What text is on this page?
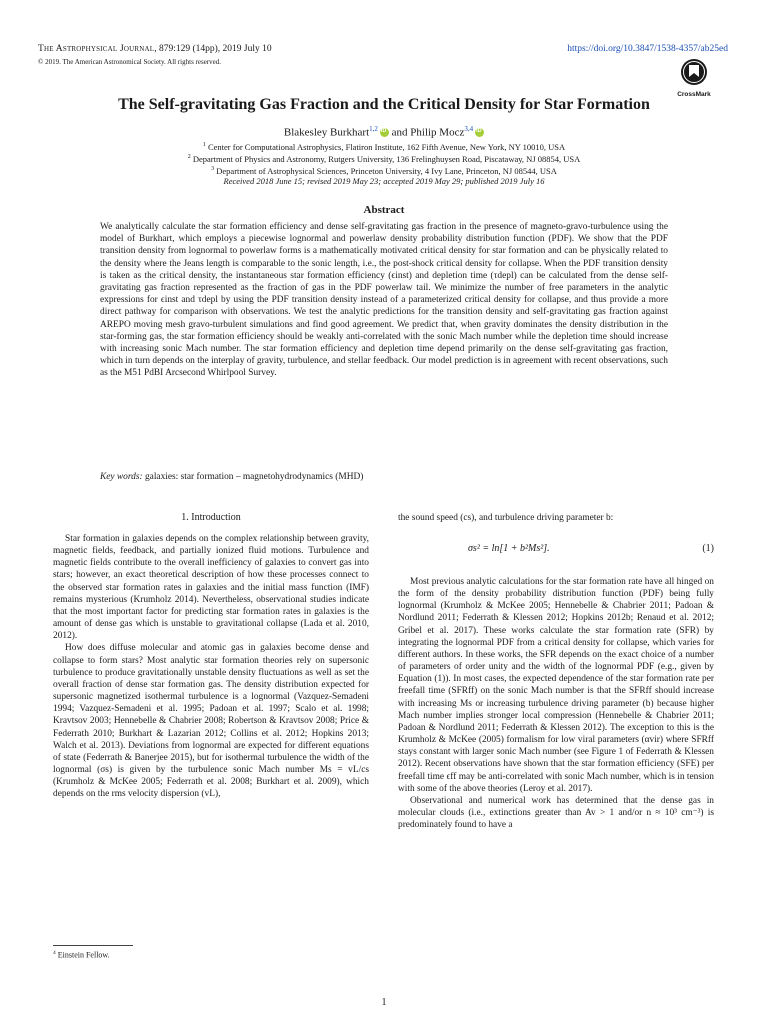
The Astrophysical Journal, 879:129 (14pp), 2019 July 10
© 2019. The American Astronomical Society. All rights reserved.
https://doi.org/10.3847/1538-4357/ab25ed
CrossMark
The Self-gravitating Gas Fraction and the Critical Density for Star Formation
Blakesley Burkhart$^{1,2}$iD and Philip Mocz$^{3,4}$iD
$^1$ Center for Computational Astrophysics, Flatiron Institute, 162 Fifth Avenue, New York, NY 10010, USA
$^2$ Department of Physics and Astronomy, Rutgers University, 136 Frelinghuysen Road, Piscataway, NJ 08854, USA
$^3$ Department of Astrophysical Sciences, Princeton University, 4 Ivy Lane, Princeton, NJ 08544, USA
Received 2018 June 15; revised 2019 May 23; accepted 2019 May 29; published 2019 July 16
Abstract

We analytically calculate the star formation efficiency and dense self-gravitating gas fraction in the presence of magneto-gravo-turbulence using the model of Burkhart, which employs a piecewise lognormal and powerlaw density probability distribution function (PDF). We show that the PDF transition density from lognormal to powerlaw forms is a mathematically motivated critical density for star formation and can be physically related to the density where the Jeans length is comparable to the sonic length, i.e., the post-shock critical density for collapse. When the PDF transition density is taken as the critical density, the instantaneous star formation efficiency (ϵinst) and depletion time (τdepl) can be calculated from the dense self-gravitating gas fraction represented as the fraction of gas in the PDF powerlaw tail. We minimize the number of free parameters in the analytic expressions for ϵinst and τdepl by using the PDF transition density instead of a parameterized critical density for collapse, and thus provide a more direct pathway for comparison with observations. We test the analytic predictions for the transition density and self-gravitating gas fraction against AREPO moving mesh gravo-turbulent simulations and find good agreement. We predict that, when gravity dominates the density distribution in the star-forming gas, the star formation efficiency should be weakly anti-correlated with the sonic Mach number while the depletion time should increase with increasing sonic Mach number. The star formation efficiency and depletion time depend primarily on the dense self-gravitating gas fraction, which in turn depends on the interplay of gravity, turbulence, and stellar feedback. Our model prediction is in agreement with recent observations, such as the M51 PdBI Arcsecond Whirlpool Survey.

Key words: galaxies: star formation – magnetohydrodynamics (MHD)
1. Introduction

Star formation in galaxies depends on the complex relationship between gravity, magnetic fields, feedback, and partially ionized fluid motions. Turbulence and magnetic fields contribute to the overall inefficiency of galaxies to convert gas into stars; however, an exact theoretical description of how these processes connect to the observed star formation rates in galaxies and the initial mass function (IMF) remains mysterious (Krumholz 2014). Nevertheless, observational studies indicate that the most important factor for predicting star formation rates in galaxies is the amount of dense gas which is unstable to gravitational collapse (Lada et al. 2010, 2012).

How does diffuse molecular and atomic gas in galaxies become dense and collapse to form stars? Most analytic star formation theories rely on supersonic turbulence to produce gravitationally unstable density fluctuations as well as set the overall fraction of dense star formation gas. The density distribution expected for supersonic magnetized isothermal turbulence is a lognormal (Vazquez-Semadeni 1994; Vazquez-Semadeni et al. 1995; Padoan et al. 1997; Scalo et al. 1998; Kravtsov 2003; Hennebelle & Chabrier 2008; Robertson & Kravtsov 2008; Price & Federrath 2010; Burkhart & Lazarian 2012; Collins et al. 2012; Hopkins 2013; Walch et al. 2013). Deviations from lognormal are expected for different equations of state (Federrath & Banerjee 2015), but for isothermal turbulence the width of the lognormal (σs) is given by the turbulence sonic Mach number Ms = vL/cs (Krumholz & McKee 2005; Federrath et al. 2008; Burkhart et al. 2009), which depends on the rms velocity dispersion (vL),

the sound speed (cs), and turbulence driving parameter b:

σs² = ln[1 + b²Ms²].	(1)

Most previous analytic calculations for the star formation rate have all hinged on the form of the density probability distribution function (PDF) being fully lognormal (Krumholz & McKee 2005; Hennebelle & Chabrier 2011; Padoan & Nordlund 2011; Federrath & Klessen 2012; Hopkins 2012b; Renaud et al. 2012; Gribel et al. 2017). These works calculate the star formation rate (SFR) by integrating the lognormal PDF from a critical density for collapse, which varies for different authors. In these works, the SFR depends on the exact choice of a number of parameters of order unity and the width of the lognormal PDF (e.g., given by Equation (1)). In most cases, the expected dependence of the star formation rate per freefall time (SFRff) on the sonic Mach number is that the SFRff should increase with increasing Ms or increasing turbulence driving parameter (b) because higher Mach number implies stronger local compression (Hennebelle & Chabrier 2011; Padoan & Nordlund 2011; Federrath & Klessen 2012). The exception to this is the Krumholz & McKee (2005) formalism for low viral parameters (αvir) where SFRff stays constant with larger sonic Mach number (see Figure 1 of Federrath & Klessen 2012). Recent observations have shown that the star formation efficiency (SFE) per freefall time ϵff may be anti-correlated with sonic Mach number, which is in tension with some of the above theories (Leroy et al. 2017).

Observational and numerical work has determined that the dense gas in molecular clouds (i.e., extinctions greater than Av > 1 and/or n ≈ 10³ cm⁻³) is predominately found to have a

$^4$ Einstein Fellow.
1
